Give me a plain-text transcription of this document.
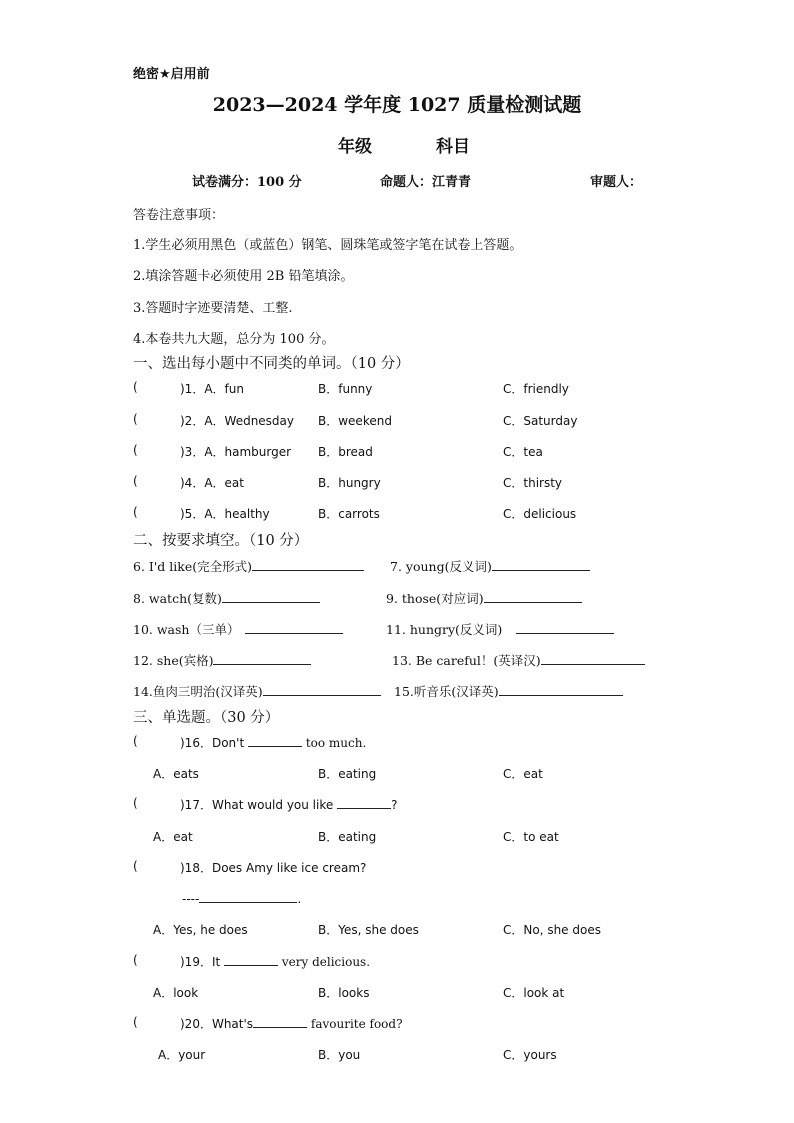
绝密★启用前
2023—2024 学年度 1027 质量检测试题
年级	科目
试卷满分：100 分	命题人：江青青	审题人：
答卷注意事项：
1.学生必须用黑色（或蓝色）钢笔、圆珠笔或签字笔在试卷上答题。
2.填涂答题卡必须使用 2B 铅笔填涂。
3.答题时字迹要清楚、工整.
4.本卷共九大题，总分为 100 分。
一、选出每小题中不同类的单词。（10 分）
(	)1．A．fun	B．funny	C．friendly
(	)2．A．Wednesday B．weekend	C．Saturday
(	)3．A．hamburger B．bread	C．tea
(	)4．A．eat	B．hungry	C．thirsty
(	)5．A．healthy	B．carrots	C．delicious
二、按要求填空。（10 分）
6. I'd like(完全形式)	7. young(反义词)
8. watch(复数)	9. those(对应词)
10. wash（三单）	11. hungry(反义词)
12. she(宾格)	13. Be careful！(英译汉)
14.鱼肉三明治(汉译英)	15.听音乐(汉译英)
三、单选题。（30 分）
(	)16．Don't	too much.
A．eats	B．eating	C．eat
(	)17．What would you like	?
A．eat	B．eating	C．to eat
(	)18．Does Amy like ice cream?
----	.
A．Yes, he does	B．Yes, she does	C．No, she does
(	)19．It	very delicious.
A．look	B．looks	C．look at
(	)20．What's	favourite food?
A．your	B．you	C．yours
